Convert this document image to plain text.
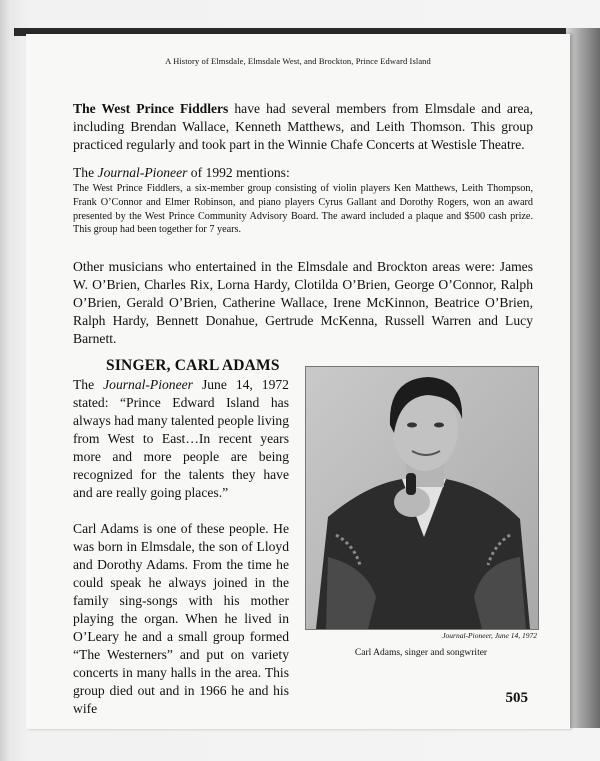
A History of Elmsdale, Elmsdale West, and Brockton, Prince Edward Island

The West Prince Fiddlers have had several members from Elmsdale and area, including Brendan Wallace, Kenneth Matthews, and Leith Thomson. This group practiced regularly and took part in the Winnie Chafe Concerts at Westisle Theatre.

The Journal-Pioneer of 1992 mentions:

The West Prince Fiddlers, a six-member group consisting of violin players Ken Matthews, Leith Thompson, Frank O’Connor and Elmer Robinson, and piano players Cyrus Gallant and Dorothy Rogers, won an award presented by the West Prince Community Advisory Board. The award included a plaque and $500 cash prize. This group had been together for 7 years.

Other musicians who entertained in the Elmsdale and Brockton areas were: James W. O’Brien, Charles Rix, Lorna Hardy, Clotilda O’Brien, George O’Connor, Ralph O’Brien, Gerald O’Brien, Catherine Wallace, Irene McKinnon, Beatrice O’Brien, Ralph Hardy, Bennett Donahue, Gertrude McKenna, Russell Warren and Lucy Barnett.

SINGER, CARL ADAMS

The Journal-Pioneer June 14, 1972 stated: “Prince Edward Island has always had many talented people living from West to East…In recent years more and more people are being recognized for the talents they have and are really going places.”

Carl Adams is one of these people. He was born in Elmsdale, the son of Lloyd and Dorothy Adams. From the time he could speak he always joined in the family sing-songs with his mother playing the organ. When he lived in O’Leary he and a small group formed “The Westerners” and put on variety concerts in many halls in the area. This group died out and in 1966 he and his wife

Journal-Pioneer, June 14, 1972
Carl Adams, singer and songwriter
505
